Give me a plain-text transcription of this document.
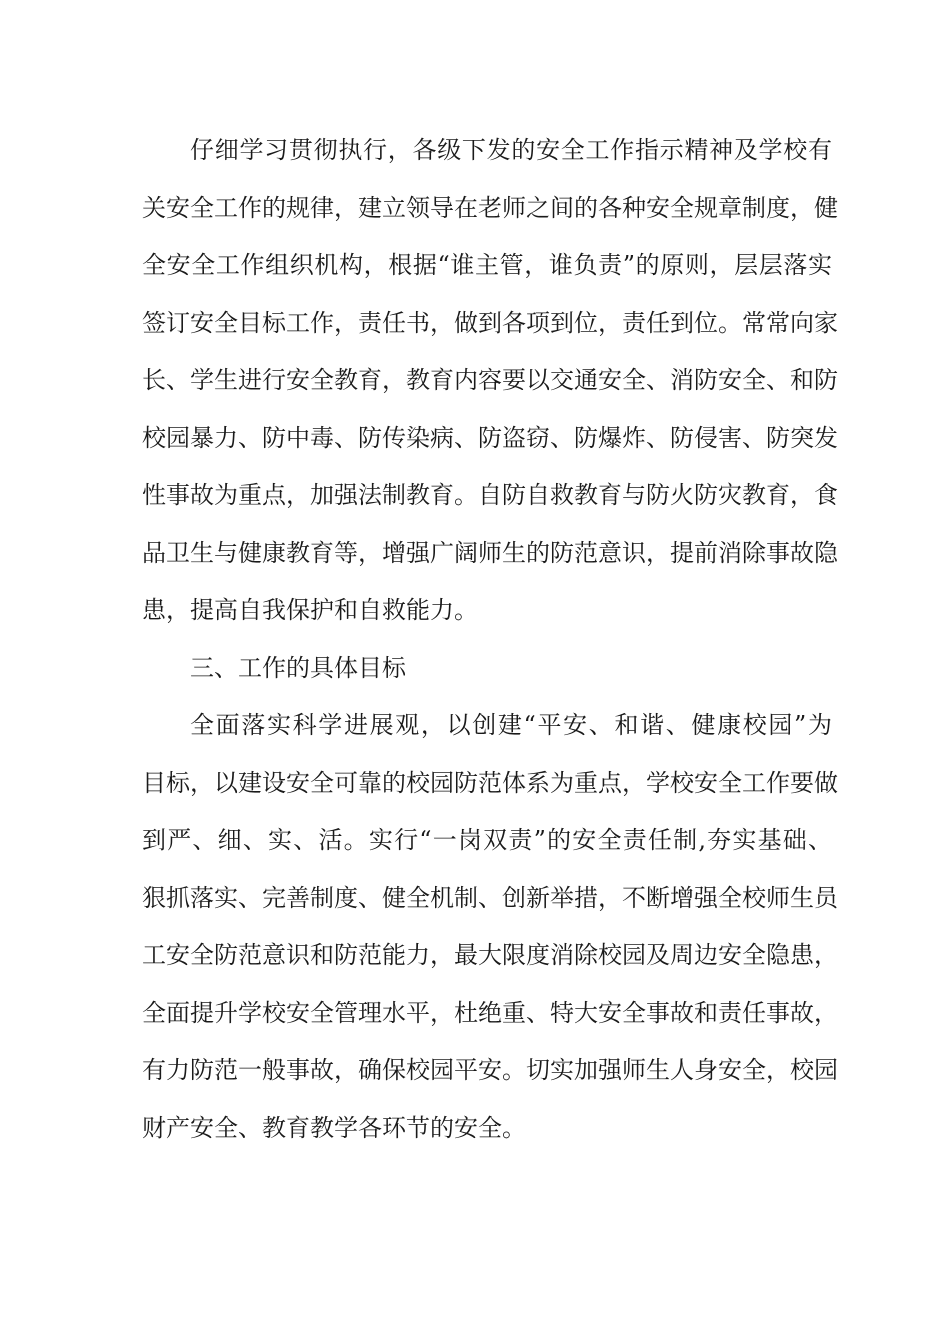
仔细学习贯彻执行，各级下发的安全工作指示精神及学校有
关安全工作的规律，建立领导在老师之间的各种安全规章制度，健
全安全工作组织机构，根据“谁主管，谁负责”的原则，层层落实
签订安全目标工作，责任书，做到各项到位，责任到位。常常向家
长、学生进行安全教育，教育内容要以交通安全、消防安全、和防
校园暴力、防中毒、防传染病、防盗窃、防爆炸、防侵害、防突发
性事故为重点，加强法制教育。自防自救教育与防火防灾教育，食
品卫生与健康教育等，增强广阔师生的防范意识，提前消除事故隐
患，提高自我保护和自救能力。
三、工作的具体目标
全面落实科学进展观，以创建“平安、和谐、健康校园”为
目标，以建设安全可靠的校园防范体系为重点，学校安全工作要做
到严、细、实、活。实行“一岗双责”的安全责任制,夯实基础、
狠抓落实、完善制度、健全机制、创新举措，不断增强全校师生员
工安全防范意识和防范能力，最大限度消除校园及周边安全隐患，
全面提升学校安全管理水平，杜绝重、特大安全事故和责任事故，
有力防范一般事故，确保校园平安。切实加强师生人身安全，校园
财产安全、教育教学各环节的安全。
